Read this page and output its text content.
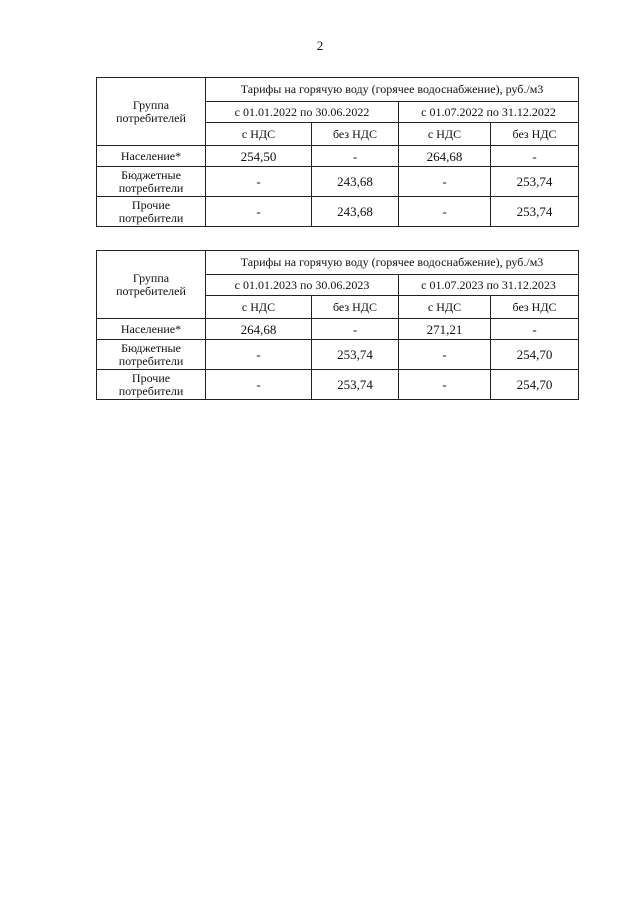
2
Группа потребителей	Тарифы на горячую воду (горячее водоснабжение), руб./м3			
	с 01.01.2022 по 30.06.2022		с 01.07.2022 по 31.12.2022	
	с НДС	без НДС	с НДС	без НДС
Население*	254,50	-	264,68	-
Бюджетные потребители	-	243,68	-	253,74
Прочие потребители	-	243,68	-	253,74
Группа потребителей	Тарифы на горячую воду (горячее водоснабжение), руб./м3			
	с 01.01.2023 по 30.06.2023		с 01.07.2023 по 31.12.2023	
	с НДС	без НДС	с НДС	без НДС
Население*	264,68	-	271,21	-
Бюджетные потребители	-	253,74	-	254,70
Прочие потребители	-	253,74	-	254,70
